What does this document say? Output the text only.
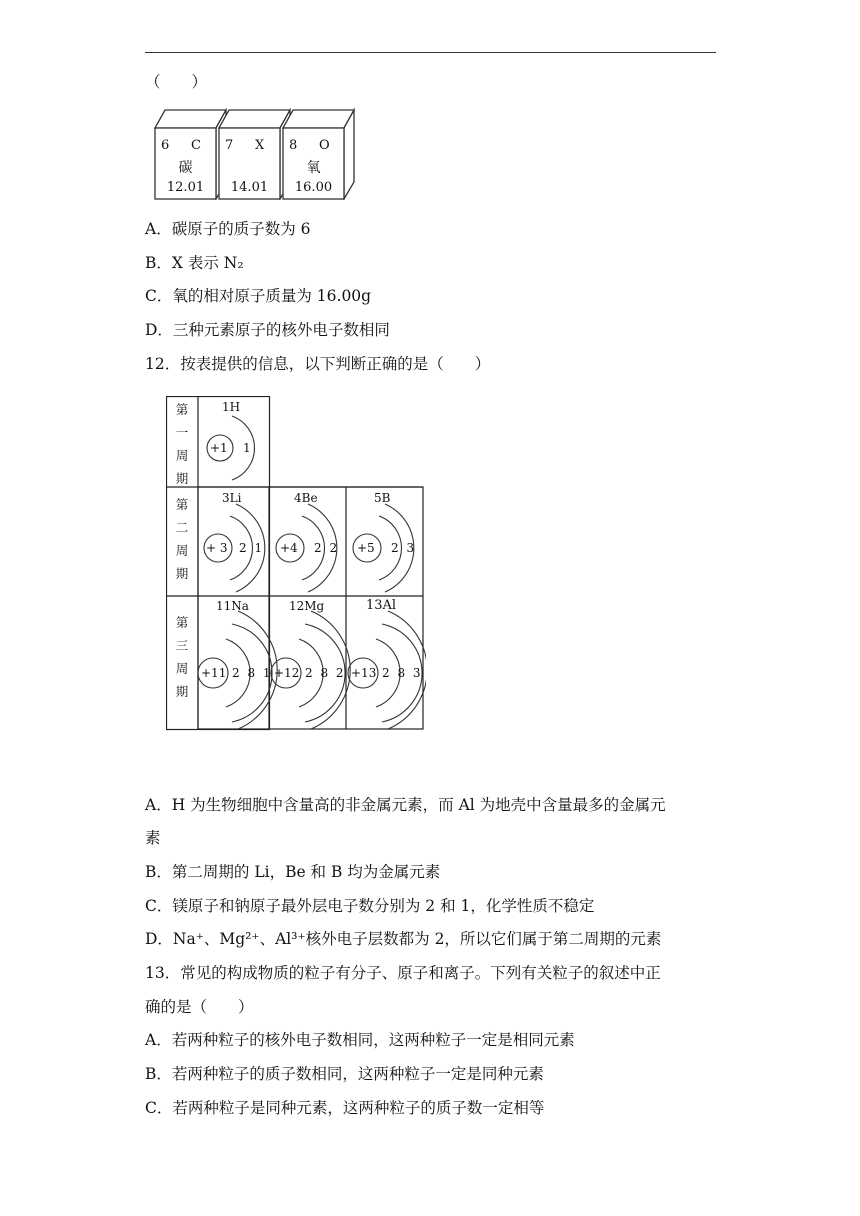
（　　）
6 C
碳
12.01
7 X
14.01
8 O
氧
16.00
A．碳原子的质子数为 6
B．X 表示 N₂
C．氧的相对原子质量为 16.00g
D．三种元素原子的核外电子数相同
12．按表提供的信息，以下判断正确的是（　　）
第一周期
第二周期
第三周期
1H
+1 1
3Li
+ 3 2 1
4Be
+4 2 2
5B
+5 2 3
11Na
+11 2 8 1
12Mg
+12 2 8 2
13Al
+13 2 8 3
A．H 为生物细胞中含量高的非金属元素，而 Al 为地壳中含量最多的金属元
素
B．第二周期的 Li，Be 和 B 均为金属元素
C．镁原子和钠原子最外层电子数分别为 2 和 1，化学性质不稳定
D．Na⁺、Mg²⁺、Al³⁺核外电子层数都为 2，所以它们属于第二周期的元素
13．常见的构成物质的粒子有分子、原子和离子。下列有关粒子的叙述中正
确的是（　　）
A．若两种粒子的核外电子数相同，这两种粒子一定是相同元素
B．若两种粒子的质子数相同，这两种粒子一定是同种元素
C．若两种粒子是同种元素，这两种粒子的质子数一定相等
